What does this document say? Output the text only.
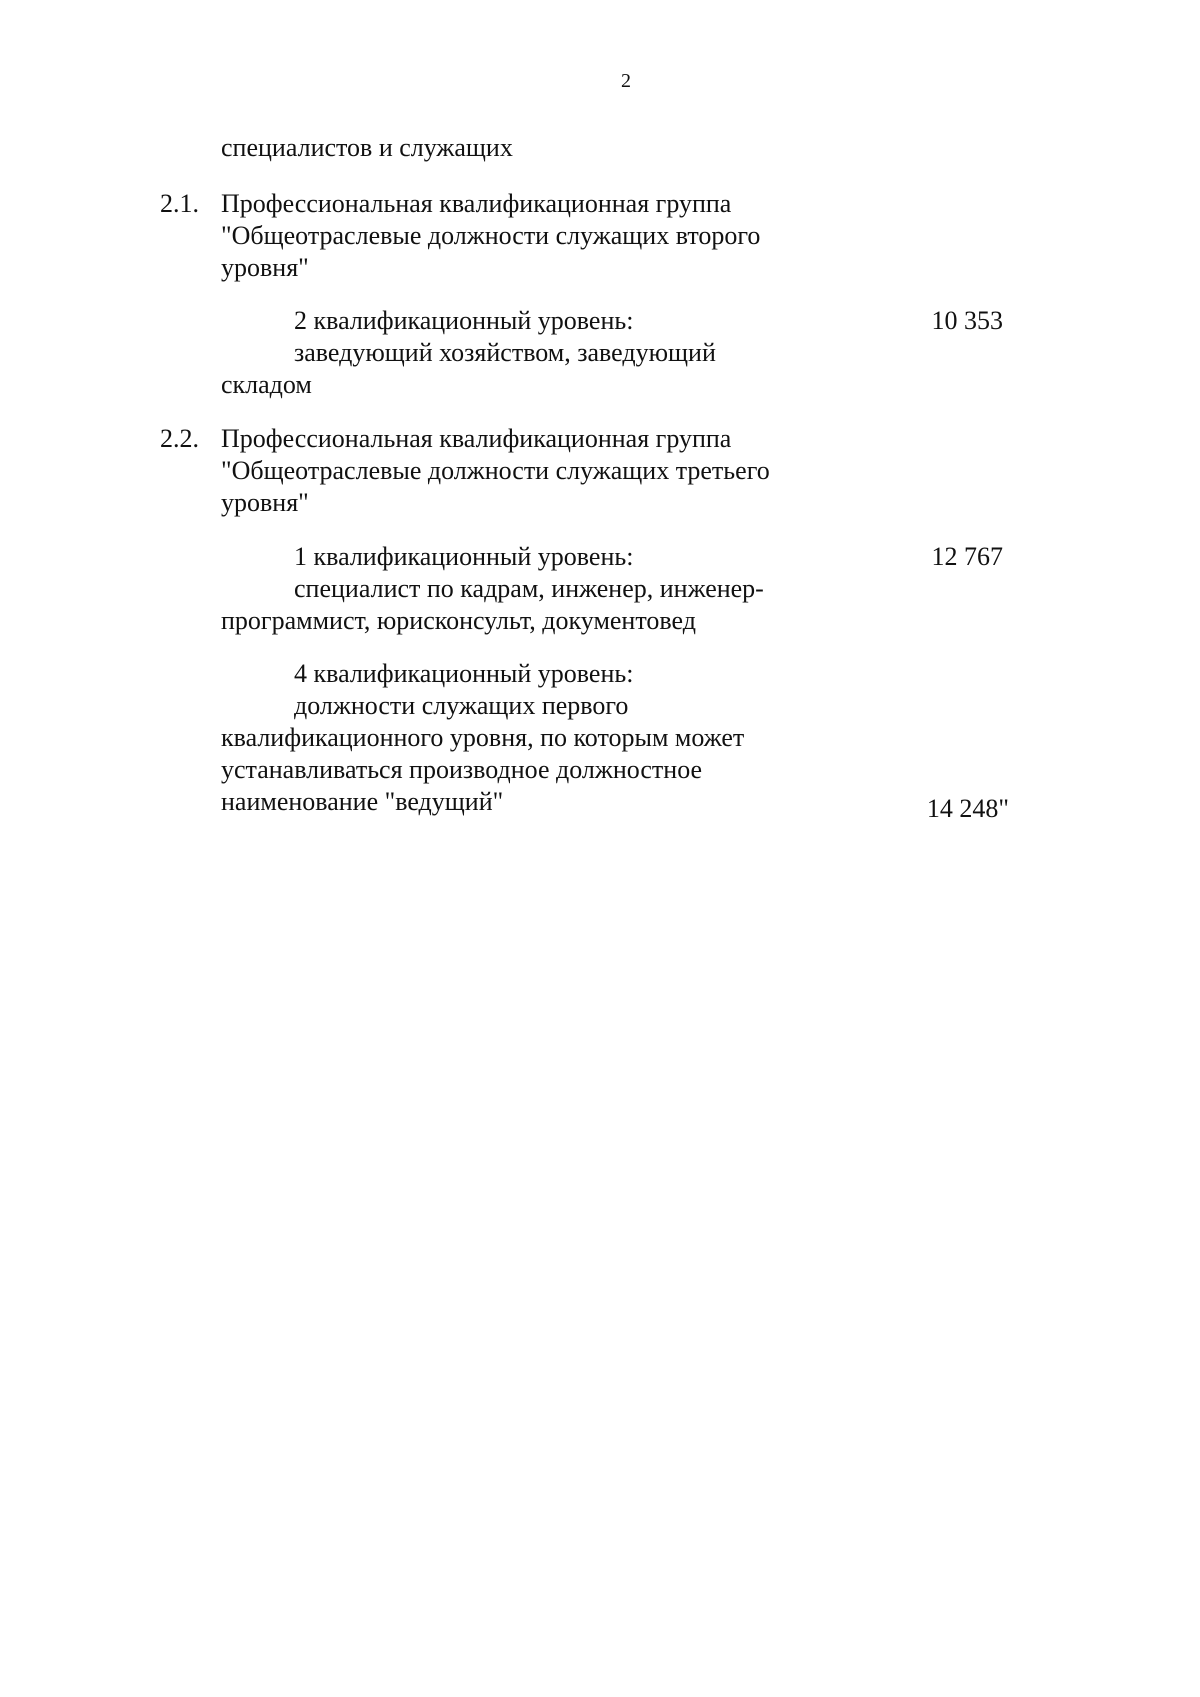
2
специалистов и служащих
2.1. Профессиональная квалификационная группа
"Общеотраслевые должности служащих второго
уровня"
2 квалификационный уровень:	10 353
заведующий хозяйством, заведующий
складом
2.2. Профессиональная квалификационная группа
"Общеотраслевые должности служащих третьего
уровня"
1 квалификационный уровень:	12 767
специалист по кадрам, инженер, инженер-
программист, юрисконсульт, документовед
4 квалификационный уровень:
должности служащих первого
квалификационного уровня, по которым может
устанавливаться производное должностное
наименование "ведущий"	14 248"
